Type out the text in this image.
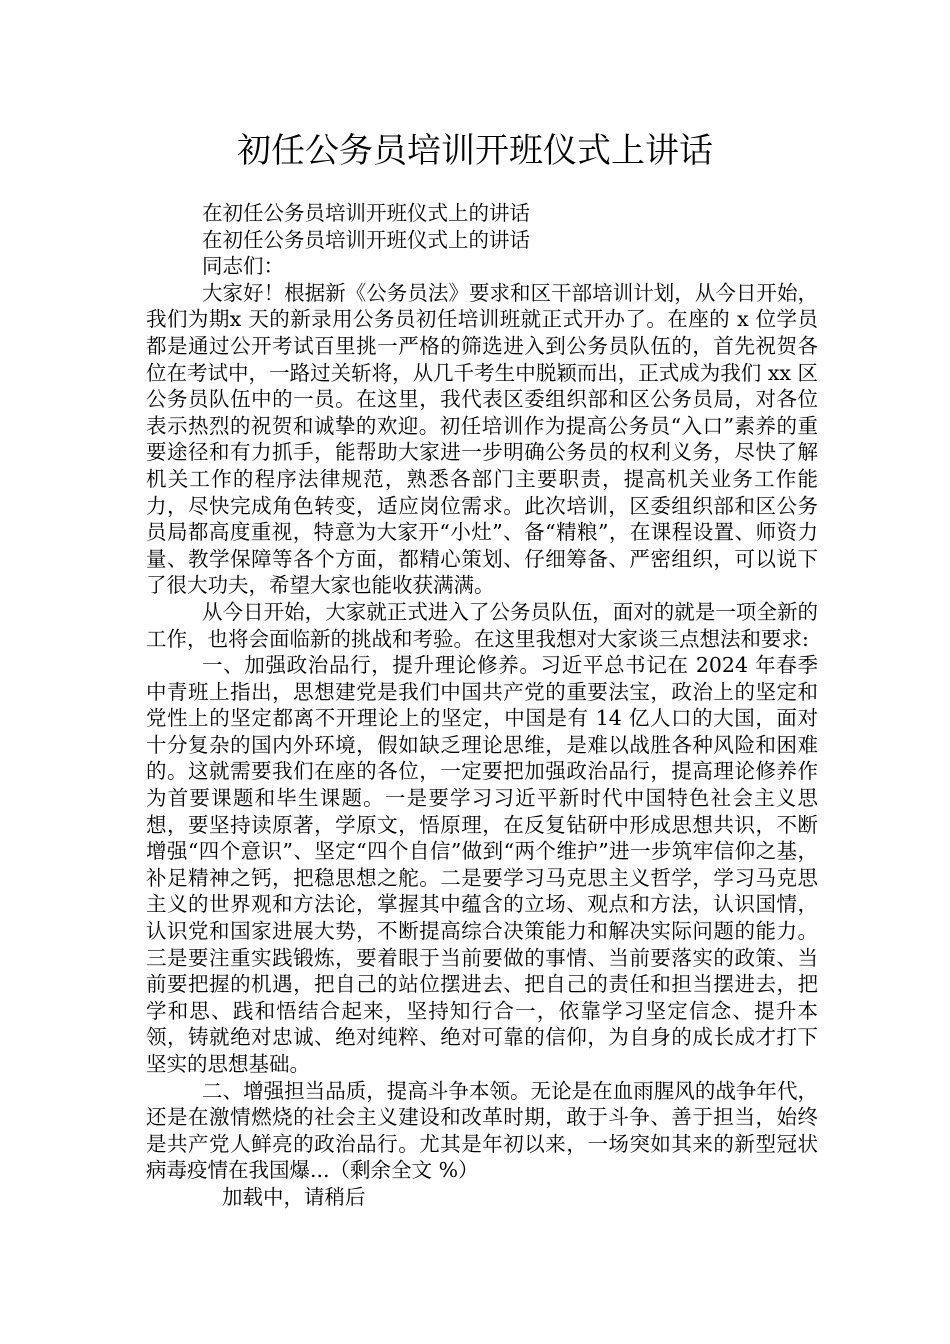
初任公务员培训开班仪式上讲话

在初任公务员培训开班仪式上的讲话

在初任公务员培训开班仪式上的讲话

同志们：

大家好！根据新《公务员法》要求和区干部培训计划，从今日开始，我们为期x 天的新录用公务员初任培训班就正式开办了。在座的 x 位学员都是通过公开考试百里挑一严格的筛选进入到公务员队伍的，首先祝贺各位在考试中，一路过关斩将，从几千考生中脱颖而出，正式成为我们 xx 区公务员队伍中的一员。在这里，我代表区委组织部和区公务员局，对各位表示热烈的祝贺和诚挚的欢迎。初任培训作为提高公务员“入口”素养的重要途径和有力抓手，能帮助大家进一步明确公务员的权利义务，尽快了解机关工作的程序法律规范，熟悉各部门主要职责，提高机关业务工作能力，尽快完成角色转变，适应岗位需求。此次培训，区委组织部和区公务员局都高度重视，特意为大家开“小灶”、备“精粮”，在课程设置、师资力量、教学保障等各个方面，都精心策划、仔细筹备、严密组织，可以说下了很大功夫，希望大家也能收获满满。

从今日开始，大家就正式进入了公务员队伍，面对的就是一项全新的工作，也将会面临新的挑战和考验。在这里我想对大家谈三点想法和要求:

一、加强政治品行，提升理论修养。习近平总书记在 2024 年春季中青班上指出，思想建党是我们中国共产党的重要法宝，政治上的坚定和党性上的坚定都离不开理论上的坚定，中国是有 14 亿人口的大国，面对十分复杂的国内外环境，假如缺乏理论思维，是难以战胜各种风险和困难的。这就需要我们在座的各位，一定要把加强政治品行，提高理论修养作为首要课题和毕生课题。一是要学习习近平新时代中国特色社会主义思想，要坚持读原著，学原文，悟原理，在反复钻研中形成思想共识，不断增强“四个意识”、坚定“四个自信”做到“两个维护”进一步筑牢信仰之基，补足精神之钙，把稳思想之舵。二是要学习马克思主义哲学，学习马克思主义的世界观和方法论，掌握其中蕴含的立场、观点和方法，认识国情，认识党和国家进展大势，不断提高综合决策能力和解决实际问题的能力。三是要注重实践锻炼，要着眼于当前要做的事情、当前要落实的政策、当前要把握的机遇，把自己的站位摆进去、把自己的责任和担当摆进去，把学和思、践和悟结合起来，坚持知行合一，依靠学习坚定信念、提升本领，铸就绝对忠诚、绝对纯粹、绝对可靠的信仰，为自身的成长成才打下坚实的思想基础。

二、增强担当品质，提高斗争本领。无论是在血雨腥风的战争年代，还是在激情燃烧的社会主义建设和改革时期，敢于斗争、善于担当，始终是共产党人鲜亮的政治品行。尤其是年初以来，一场突如其来的新型冠状病毒疫情在我国爆...（剩余全文 %）

加载中，请稍后
